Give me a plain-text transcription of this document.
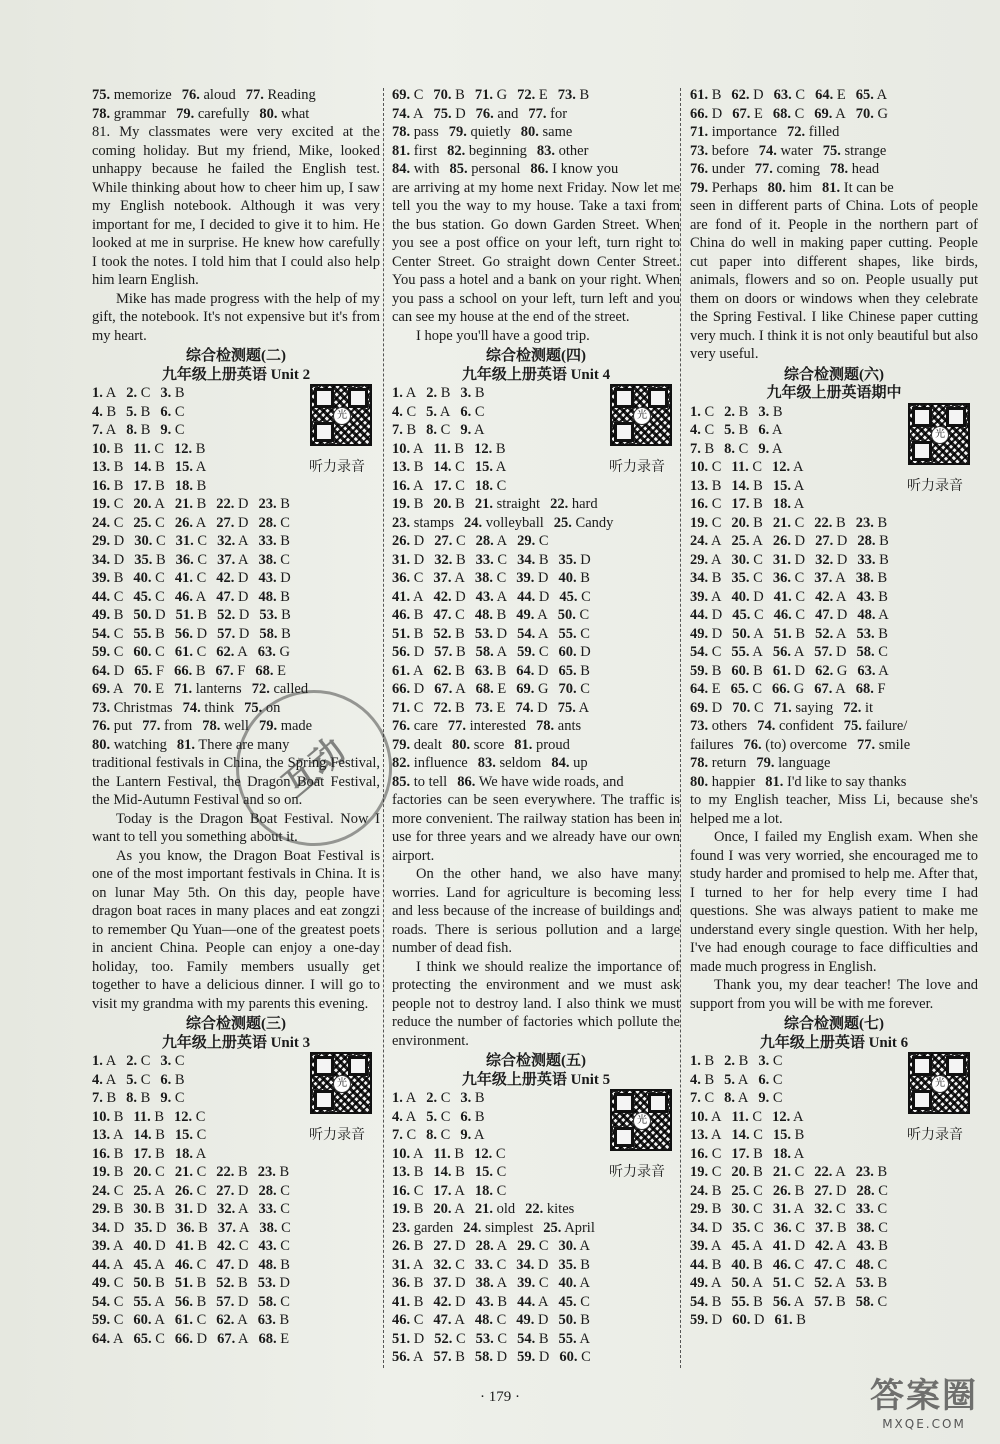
75. memorize 76. aloud 77. Reading
78. grammar 79. carefully 80. what

81. My classmates were very excited at the coming holiday. But my friend, Mike, looked unhappy because he failed the English test. While thinking about how to cheer him up, I saw my English notebook. Although it was very important for me, I decided to give it to him. He looked at me in surprise. He knew how carefully I took the notes. I told him that I could also help him learn English.

Mike has made progress with the help of my gift, the notebook. It's not expensive but it's from my heart.

综合检测题(二)
九年级上册英语 Unit 2
光
听力录音
1. A 2. C 3. B
4. B 5. B 6. C
7. A 8. B 9. C
10. B 11. C 12. B
13. B 14. B 15. A
16. B 17. B 18. B
19. C 20. A 21. B 22. D 23. B
24. C 25. C 26. A 27. D 28. C
29. D 30. C 31. C 32. A 33. B
34. D 35. B 36. C 37. A 38. C
39. B 40. C 41. C 42. D 43. D
44. C 45. C 46. A 47. D 48. B
49. B 50. D 51. B 52. D 53. B
54. C 55. B 56. D 57. D 58. B
59. C 60. C 61. C 62. A 63. G
64. D 65. F 66. B 67. F 68. E
69. A 70. E 71. lanterns 72. called
73. Christmas 74. think 75. on
76. put 77. from 78. well 79. made
80. watching 81. There are many

traditional festivals in China, the Spring Festival, the Lantern Festival, the Dragon Boat Festival, the Mid-Autumn Festival and so on.

Today is the Dragon Boat Festival. Now I want to tell you something about it.

As you know, the Dragon Boat Festival is one of the most important festivals in China. It is on lunar May 5th. On this day, people have dragon boat races in many places and eat zongzi to remember Qu Yuan—one of the greatest poets in ancient China. People can enjoy a one-day holiday, too. Family members usually get together to have a delicious dinner. I will go to visit my grandma with my parents this evening.

综合检测题(三)
九年级上册英语 Unit 3
光
听力录音
1. A 2. C 3. C
4. A 5. C 6. B
7. B 8. B 9. C
10. B 11. B 12. C
13. A 14. B 15. C
16. B 17. B 18. A
19. B 20. C 21. C 22. B 23. B
24. C 25. A 26. C 27. D 28. C
29. B 30. B 31. D 32. A 33. C
34. D 35. D 36. B 37. A 38. C
39. A 40. D 41. B 42. C 43. C
44. A 45. A 46. C 47. D 48. B
49. C 50. B 51. B 52. B 53. D
54. C 55. A 56. B 57. D 58. C
59. C 60. A 61. C 62. A 63. B
64. A 65. C 66. D 67. A 68. E
69. C 70. B 71. G 72. E 73. B
74. A 75. D 76. and 77. for
78. pass 79. quietly 80. same
81. first 82. beginning 83. other
84. with 85. personal 86. I know you

are arriving at my home next Friday. Now let me tell you the way to my house. Take a taxi from the bus station. Go down Garden Street. When you see a post office on your left, turn right to Center Street. Go straight down Center Street. You pass a hotel and a bank on your right. When you pass a school on your left, turn left and you can see my house at the end of the street.

I hope you'll have a good trip.

综合检测题(四)
九年级上册英语 Unit 4
光
听力录音
1. A 2. B 3. B
4. C 5. A 6. C
7. B 8. C 9. A
10. A 11. B 12. B
13. B 14. C 15. A
16. A 17. C 18. C
19. B 20. B 21. straight 22. hard
23. stamps 24. volleyball 25. Candy
26. D 27. C 28. A 29. C
31. D 32. B 33. C 34. B 35. D
36. C 37. A 38. C 39. D 40. B
41. A 42. D 43. A 44. D 45. C
46. B 47. C 48. B 49. A 50. C
51. B 52. B 53. D 54. A 55. C
56. D 57. B 58. A 59. C 60. D
61. A 62. B 63. B 64. D 65. B
66. D 67. A 68. E 69. G 70. C
71. C 72. B 73. E 74. D 75. A
76. care 77. interested 78. ants
79. dealt 80. score 81. proud
82. influence 83. seldom 84. up
85. to tell 86. We have wide roads, and

factories can be seen everywhere. The traffic is more convenient. The railway station has been in use for three years and we already have our own airport.

On the other hand, we also have many worries. Land for agriculture is becoming less and less because of the increase of buildings and roads. There is serious pollution and a large number of dead fish.

I think we should realize the importance of protecting the environment and we must ask people not to destroy land. I also think we must reduce the number of factories which pollute the environment.

综合检测题(五)
九年级上册英语 Unit 5
光
听力录音
1. A 2. C 3. B
4. A 5. C 6. B
7. C 8. C 9. A
10. A 11. B 12. C
13. B 14. B 15. C
16. C 17. A 18. C
19. B 20. A 21. old 22. kites
23. garden 24. simplest 25. April
26. B 27. D 28. A 29. C 30. A
31. A 32. C 33. C 34. D 35. B
36. B 37. D 38. A 39. C 40. A
41. B 42. D 43. B 44. A 45. C
46. C 47. A 48. C 49. D 50. B
51. D 52. C 53. C 54. B 55. A
56. A 57. B 58. D 59. D 60. C
61. B 62. D 63. C 64. E 65. A
66. D 67. E 68. C 69. A 70. G
71. importance 72. filled
73. before 74. water 75. strange
76. under 77. coming 78. head
79. Perhaps 80. him 81. It can be

seen in different parts of China. Lots of people are fond of it. People in the northern part of China do well in making paper cutting. People cut paper into different shapes, like birds, animals, flowers and so on. People usually put them on doors or windows when they celebrate the Spring Festival. I like Chinese paper cutting very much. I think it is not only beautiful but also very useful.

综合检测题(六)
九年级上册英语期中
光
听力录音
1. C 2. B 3. B
4. C 5. B 6. A
7. B 8. C 9. A
10. C 11. C 12. A
13. B 14. B 15. A
16. C 17. B 18. A
19. C 20. B 21. C 22. B 23. B
24. A 25. A 26. D 27. D 28. B
29. A 30. C 31. D 32. D 33. B
34. B 35. C 36. C 37. A 38. B
39. A 40. D 41. C 42. A 43. B
44. D 45. C 46. C 47. D 48. A
49. D 50. A 51. B 52. A 53. B
54. C 55. A 56. A 57. D 58. C
59. B 60. B 61. D 62. G 63. A
64. E 65. C 66. G 67. A 68. F
69. D 70. C 71. saying 72. it
73. others 74. confident 75. failure/
failures 76. (to) overcome 77. smile
78. return 79. language
80. happier 81. I'd like to say thanks

to my English teacher, Miss Li, because she's helped me a lot.

Once, I failed my English exam. When she found I was very worried, she encouraged me to study harder and promised to help me. After that, I turned to her for help every time I had questions. She was always patient to make me understand every single question. With her help, I've had enough courage to face difficulties and made much progress in English.

Thank you, my dear teacher! The love and support from you will be with me forever.

综合检测题(七)
九年级上册英语 Unit 6
光
听力录音
1. B 2. B 3. C
4. B 5. A 6. C
7. C 8. A 9. C
10. A 11. C 12. A
13. A 14. C 15. B
16. C 17. B 18. A
19. C 20. B 21. C 22. A 23. B
24. B 25. C 26. B 27. D 28. C
29. B 30. C 31. A 32. C 33. C
34. D 35. C 36. C 37. B 38. C
39. A 45. A 41. D 42. A 43. B
44. B 40. B 46. C 47. C 48. C
49. A 50. A 51. C 52. A 53. B
54. B 55. B 56. A 57. B 58. C
59. D 60. D 61. B
互动
· 179 ·	答案圈
MXQE.COM
